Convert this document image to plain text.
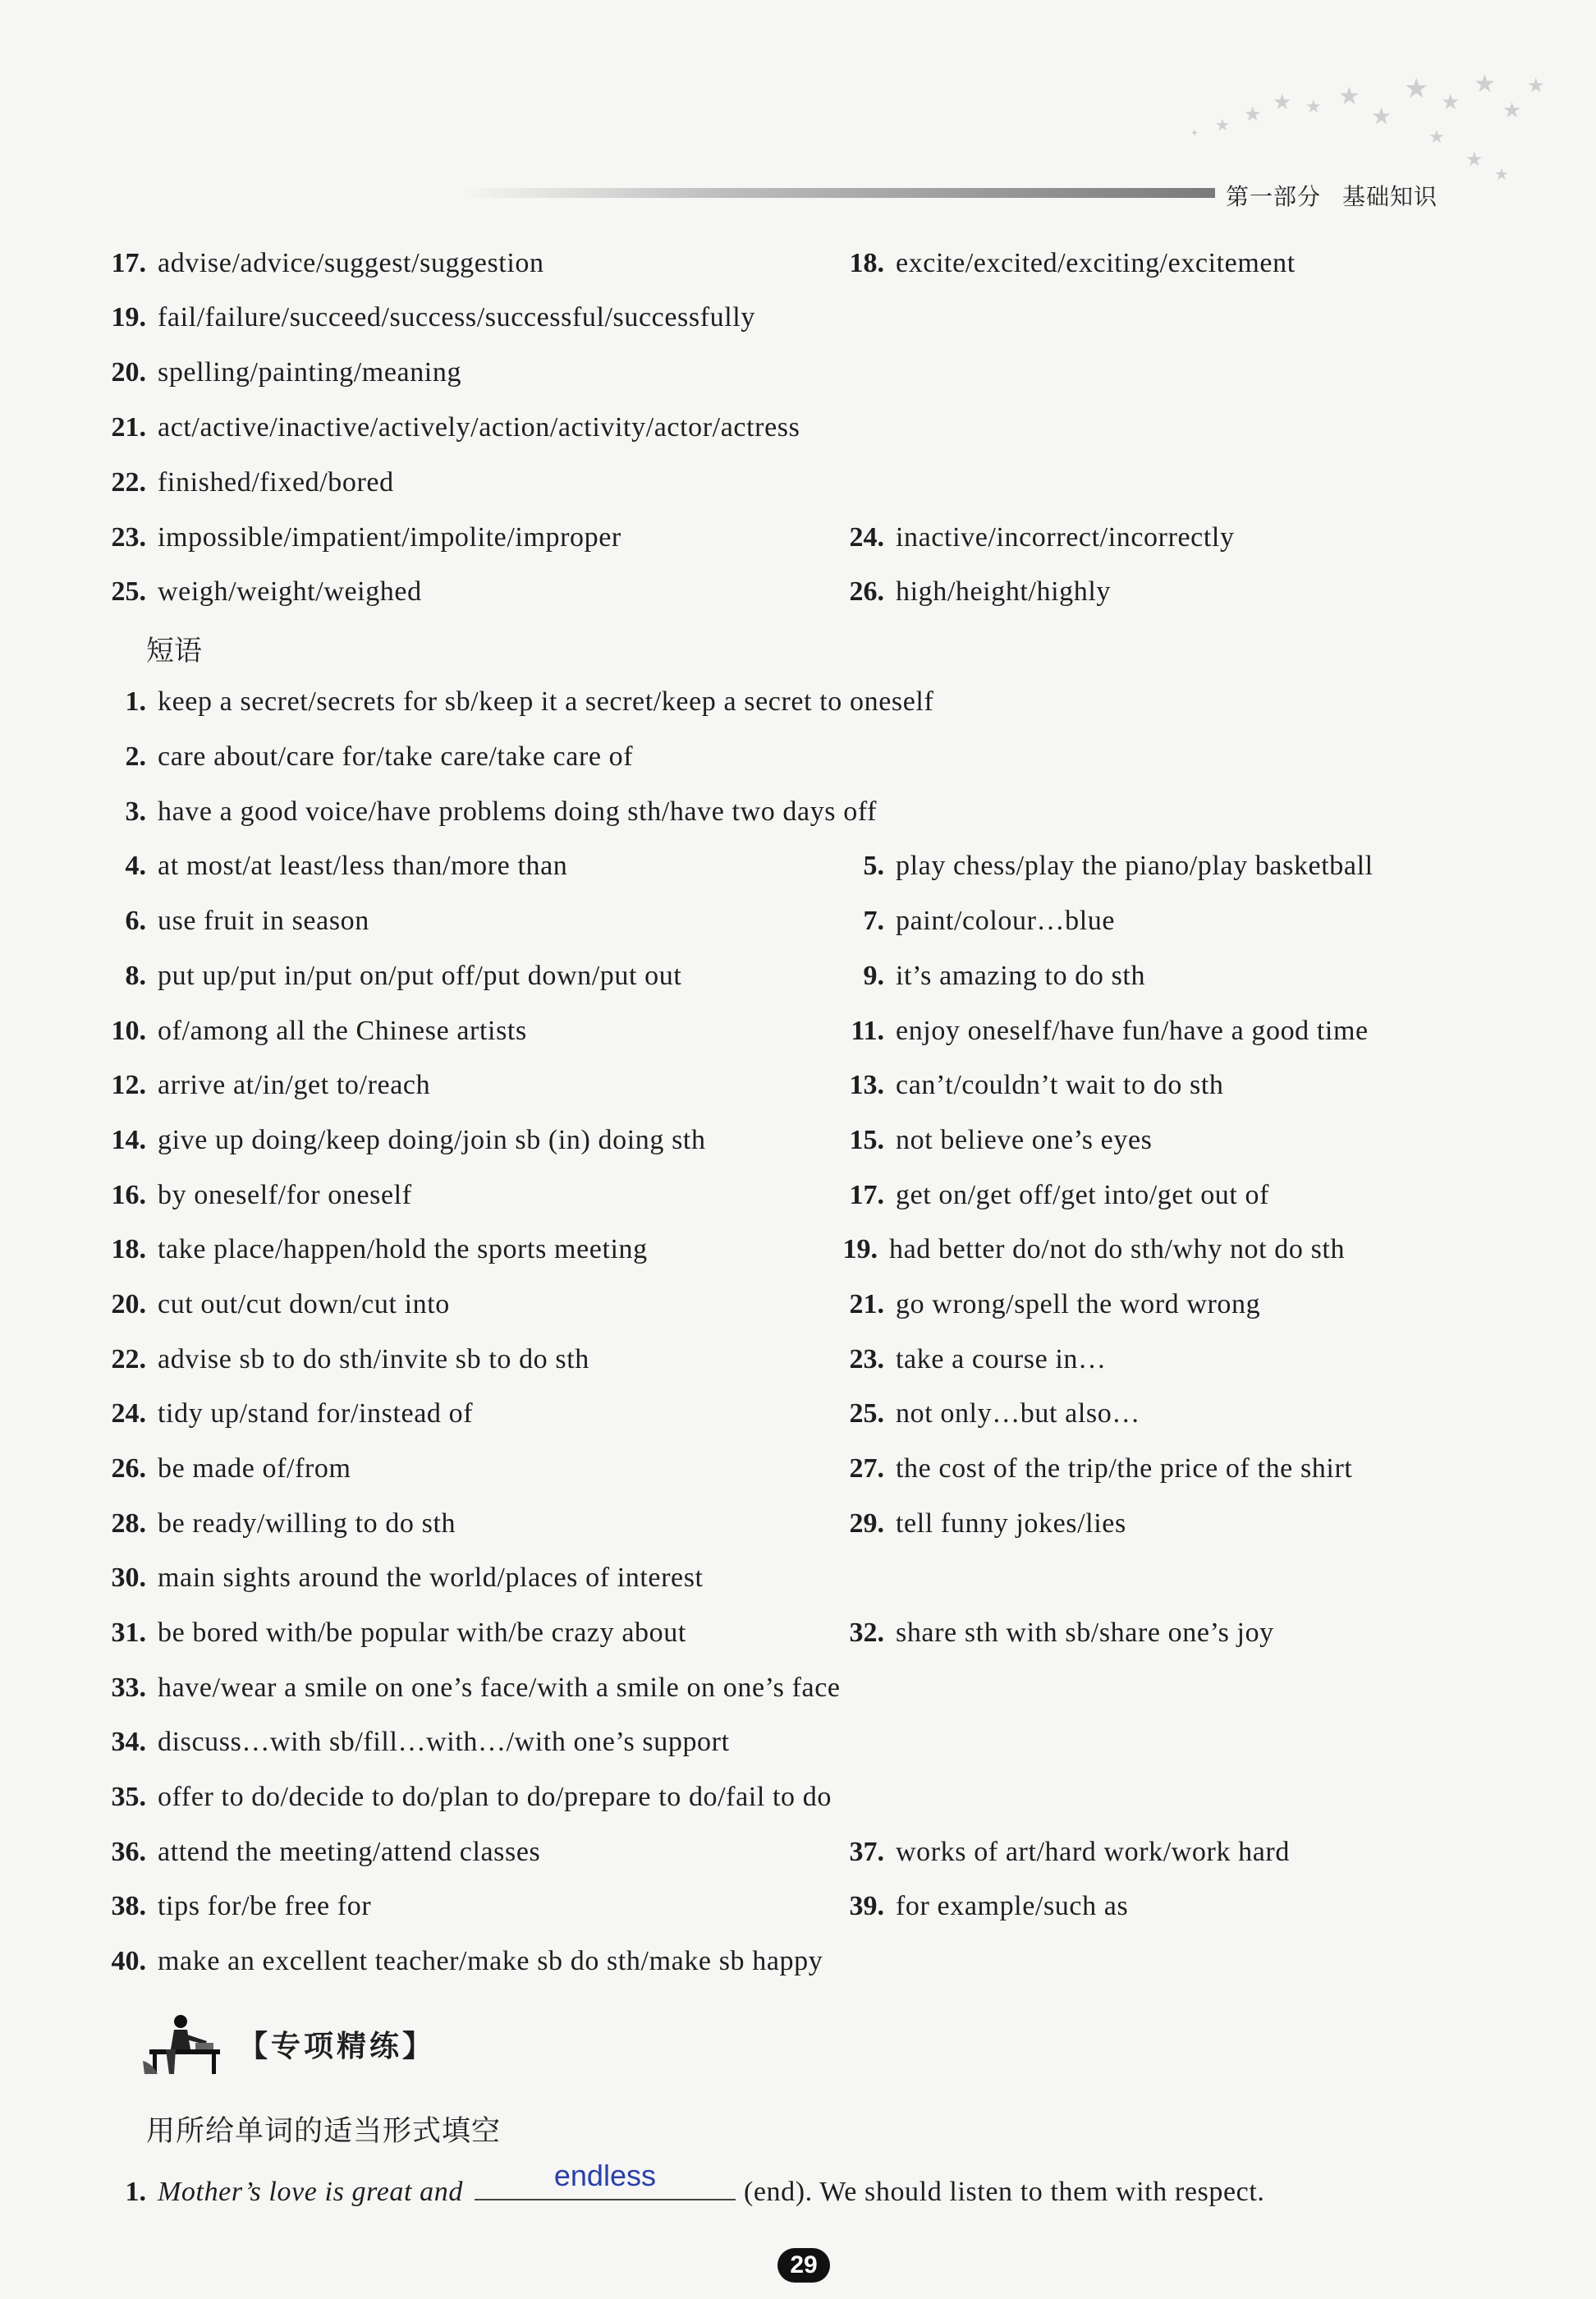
★ ★ ★ ★ ★
★
★ ★
★
★
★
★
★
★
✦
第一部分 基础知识
17. advise/advice/suggest/suggestion	18. excite/excited/exciting/excitement
19. fail/failure/succeed/success/successful/successfully
20. spelling/painting/meaning
21. act/active/inactive/actively/action/activity/actor/actress
22. finished/fixed/bored
23. impossible/impatient/impolite/improper	24. inactive/incorrect/incorrectly
25. weigh/weight/weighed	26. high/height/highly
短语
1. keep a secret/secrets for sb/keep it a secret/keep a secret to oneself
2. care about/care for/take care/take care of
3. have a good voice/have problems doing sth/have two days off
4. at most/at least/less than/more than	5. play chess/play the piano/play basketball
6. use fruit in season	7. paint/colour…blue
8. put up/put in/put on/put off/put down/put out	9. it’s amazing to do sth
10. of/among all the Chinese artists	11. enjoy oneself/have fun/have a good time
12. arrive at/in/get to/reach	13. can’t/couldn’t wait to do sth
14. give up doing/keep doing/join sb (in) doing sth	15. not believe one’s eyes
16. by oneself/for oneself	17. get on/get off/get into/get out of
18. take place/happen/hold the sports meeting	19. had better do/not do sth/why not do sth
20. cut out/cut down/cut into	21. go wrong/spell the word wrong
22. advise sb to do sth/invite sb to do sth	23. take a course in…
24. tidy up/stand for/instead of	25. not only…but also…
26. be made of/from	27. the cost of the trip/the price of the shirt
28. be ready/willing to do sth	29. tell funny jokes/lies
30. main sights around the world/places of interest
31. be bored with/be popular with/be crazy about	32. share sth with sb/share one’s joy
33. have/wear a smile on one’s face/with a smile on one’s face
34. discuss…with sb/fill…with…/with one’s support
35. offer to do/decide to do/plan to do/prepare to do/fail to do
36. attend the meeting/attend classes	37. works of art/hard work/work hard
38. tips for/be free for	39. for example/such as
40. make an excellent teacher/make sb do sth/make sb happy
【专项精练】
用所给单词的适当形式填空
1. Mother’s love is great and	endless	(end). We should listen to them with respect.
29
